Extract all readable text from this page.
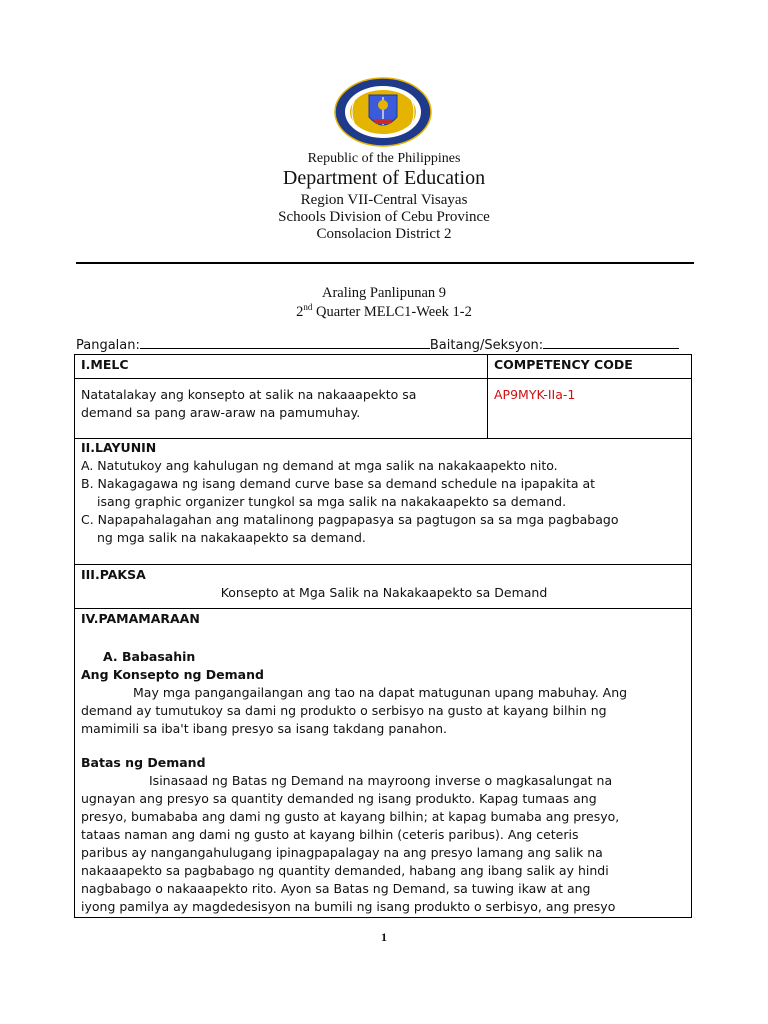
Republic of the Philippines
Department of Education
Region VII-Central Visayas
Schools Division of Cebu Province
Consolacion District 2
Araling Panlipunan 9
2nd Quarter MELC1-Week 1-2
Pangalan:	Baitang/Seksyon:
I.MELC	COMPETENCY CODE
Natatalakay ang konsepto at salik na nakaaapekto sa demand sa pang araw-araw na pamumuhay.
AP9MYK-IIa-1
II.LAYUNIN
A. Natutukoy ang kahulugan ng demand at mga salik na nakakaapekto nito.
B. Nakagagawa ng isang demand curve base sa demand schedule na ipapakita at
isang graphic organizer tungkol sa mga salik na nakakaapekto sa demand.
C. Napapahalagahan ang matalinong pagpapasya sa pagtugon sa sa mga pagbabago
ng mga salik na nakakaapekto sa demand.
III.PAKSA
Konsepto at Mga Salik na Nakakaapekto sa Demand
IV.PAMAMARAAN
A. Babasahin
Ang Konsepto ng Demand
May mga pangangailangan ang tao na dapat matugunan upang mabuhay. Ang
demand ay tumutukoy sa dami ng produkto o serbisyo na gusto at kayang bilhin ng
mamimili sa iba't ibang presyo sa isang takdang panahon.
Batas ng Demand
Isinasaad ng Batas ng Demand na mayroong inverse o magkasalungat na
ugnayan ang presyo sa quantity demanded ng isang produkto. Kapag tumaas ang
presyo, bumababa ang dami ng gusto at kayang bilhin; at kapag bumaba ang presyo,
tataas naman ang dami ng gusto at kayang bilhin (ceteris paribus). Ang ceteris
paribus ay nangangahulugang ipinagpapalagay na ang presyo lamang ang salik na
nakaaapekto sa pagbabago ng quantity demanded, habang ang ibang salik ay hindi
nagbabago o nakaaapekto rito. Ayon sa Batas ng Demand, sa tuwing ikaw at ang
iyong pamilya ay magdedesisyon na bumili ng isang produkto o serbisyo, ang presyo
1
